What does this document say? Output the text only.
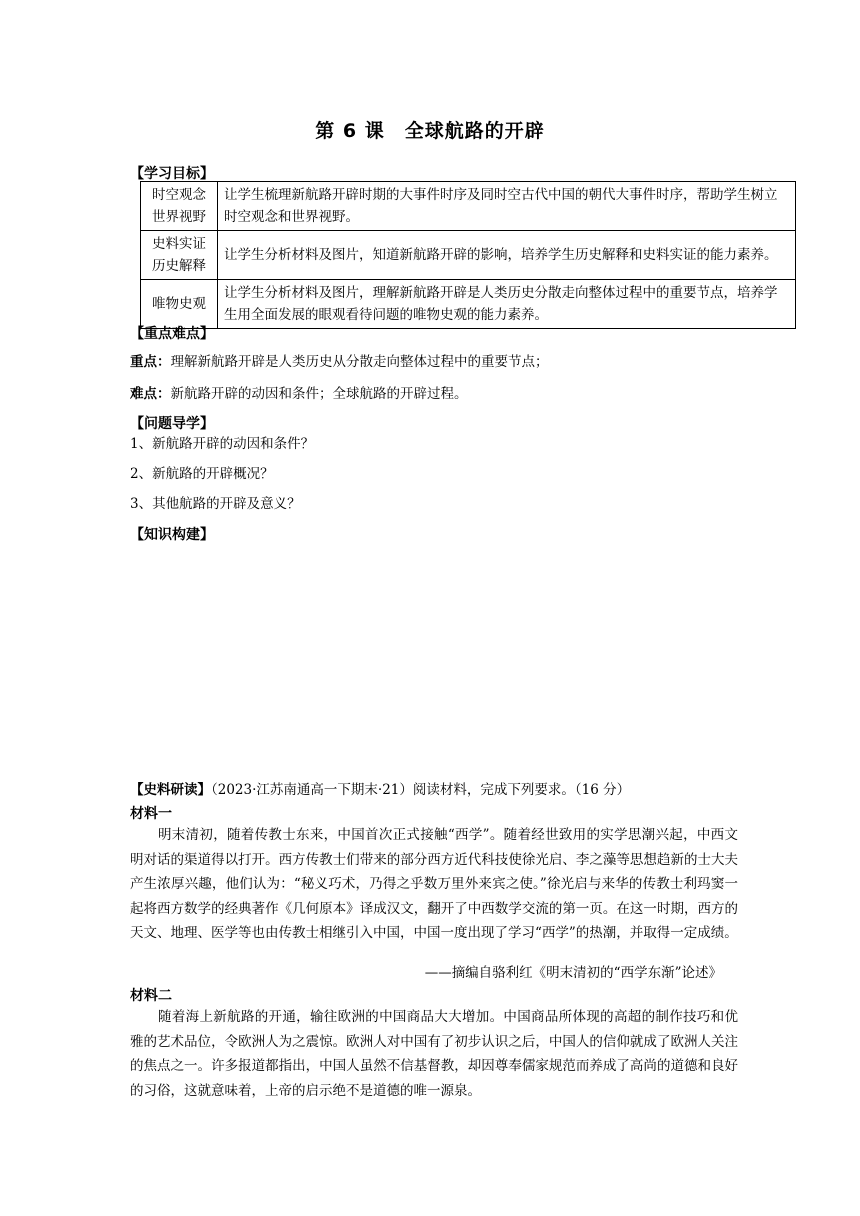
第 6 课　全球航路的开辟
【学习目标】
时空观念
世界视野	让学生梳理新航路开辟时期的大事件时序及同时空古代中国的朝代大事件时序，帮助学生树立时空观念和世界视野。

史料实证
历史解释	让学生分析材料及图片，知道新航路开辟的影响，培养学生历史解释和史料实证的能力素养。

唯物史观	让学生分析材料及图片，理解新航路开辟是人类历史分散走向整体过程中的重要节点，培养学生用全面发展的眼观看待问题的唯物史观的能力素养。
【重点难点】
重点：理解新航路开辟是人类历史从分散走向整体过程中的重要节点；
难点：新航路开辟的动因和条件；全球航路的开辟过程。
【问题导学】
1、新航路开辟的动因和条件？
2、新航路的开辟概况？
3、其他航路的开辟及意义？
【知识构建】
【史料研读】（2023·江苏南通高一下期末·21）阅读材料，完成下列要求。（16 分）
材料一
明末清初，随着传教士东来，中国首次正式接触“西学”。随着经世致用的实学思潮兴起，中西文明对话的渠道得以打开。西方传教士们带来的部分西方近代科技使徐光启、李之藻等思想趋新的士大夫产生浓厚兴趣，他们认为：“秘义巧术，乃得之乎数万里外来宾之使。”徐光启与来华的传教士利玛窦一起将西方数学的经典著作《几何原本》译成汉文，翻开了中西数学交流的第一页。在这一时期，西方的天文、地理、医学等也由传教士相继引入中国，中国一度出现了学习“西学”的热潮，并取得一定成绩。
——摘编自骆利红《明末清初的“西学东渐”论述》
材料二
随着海上新航路的开通，输往欧洲的中国商品大大增加。中国商品所体现的高超的制作技巧和优雅的艺术品位，令欧洲人为之震惊。欧洲人对中国有了初步认识之后，中国人的信仰就成了欧洲人关注的焦点之一。许多报道都指出，中国人虽然不信基督教，却因尊奉儒家规范而养成了高尚的道德和良好的习俗，这就意味着，上帝的启示绝不是道德的唯一源泉。
